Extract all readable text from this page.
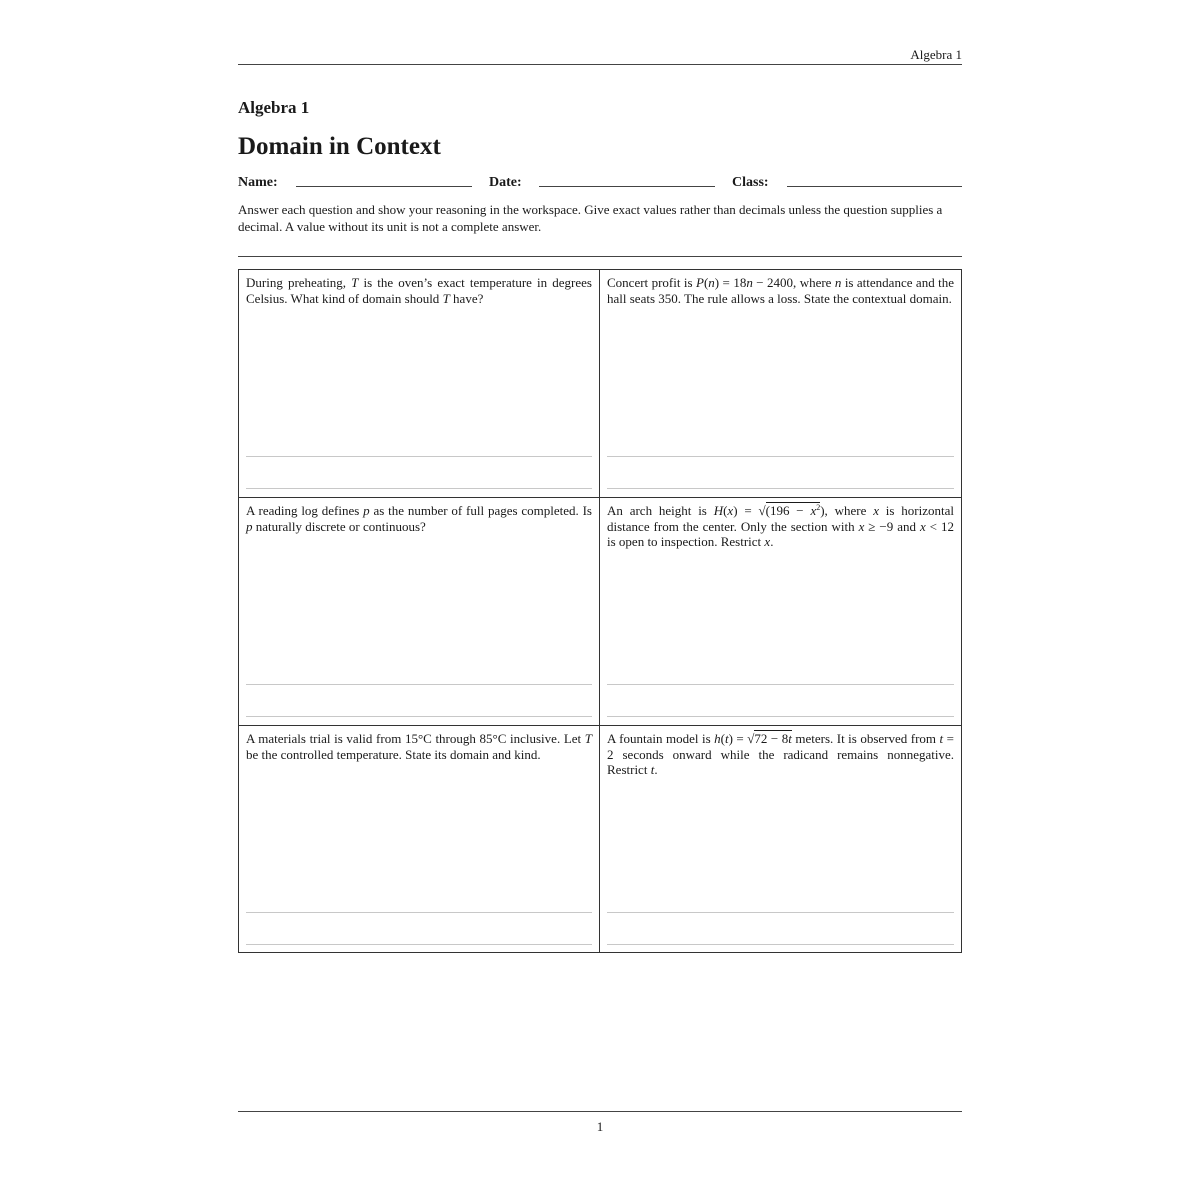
Algebra 1
Algebra 1
Domain in Context
Name:	Date:	Class:
Answer each question and show your reasoning in the workspace. Give exact values rather than decimals unless the question supplies a decimal. A value without its unit is not a complete answer.
During preheating, T is the oven’s exact temperature in degrees Celsius. What kind of domain should T have?
Concert profit is P(n) = 18n − 2400, where n is attendance and the hall seats 350. The rule allows a loss. State the contextual domain.
A reading log defines p as the number of full pages completed. Is p naturally discrete or continuous?
An arch height is $H(x) = √(196 - x^2)$, where x is horizontal distance from the center. Only the section with x ≥ −9 and x < 12 is open to inspection. Restrict x.
A materials trial is valid from 15°C through 85°C inclusive. Let T be the controlled temperature. State its domain and kind.
A fountain model is h(t) = √72 − 8t meters. It is observed from t = 2 seconds onward while the radicand remains nonnegative. Restrict t.
1
